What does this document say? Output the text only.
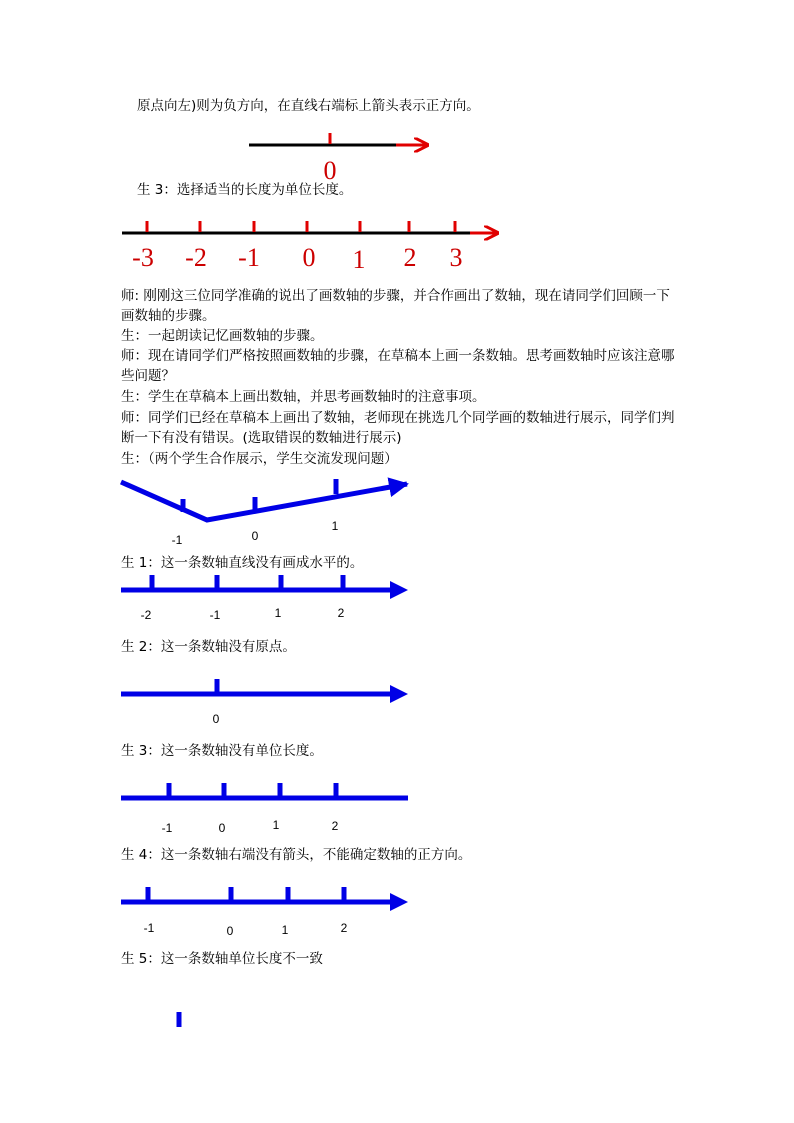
原点向左)则为负方向，在直线右端标上箭头表示正方向。
生 3：选择适当的长度为单位长度。
师: 刚刚这三位同学准确的说出了画数轴的步骤，并合作画出了数轴，现在请同学们回顾一下画数轴的步骤。
生：一起朗读记忆画数轴的步骤。
师：现在请同学们严格按照画数轴的步骤，在草稿本上画一条数轴。思考画数轴时应该注意哪些问题？
生：学生在草稿本上画出数轴，并思考画数轴时的注意事项。
师：同学们已经在草稿本上画出了数轴，老师现在挑选几个同学画的数轴进行展示，同学们判断一下有没有错误。(选取错误的数轴进行展示)
生：（两个学生合作展示，学生交流发现问题）
生 1：这一条数轴直线没有画成水平的。
生 2：这一条数轴没有原点。
生 3：这一条数轴没有单位长度。
生 4：这一条数轴右端没有箭头，不能确定数轴的正方向。
生 5：这一条数轴单位长度不一致
0
-3 -2 -1 0 1 2 3
-1	0
1
-2	-1	1	2
0
-1	0	1	2
-1	0	1	2
